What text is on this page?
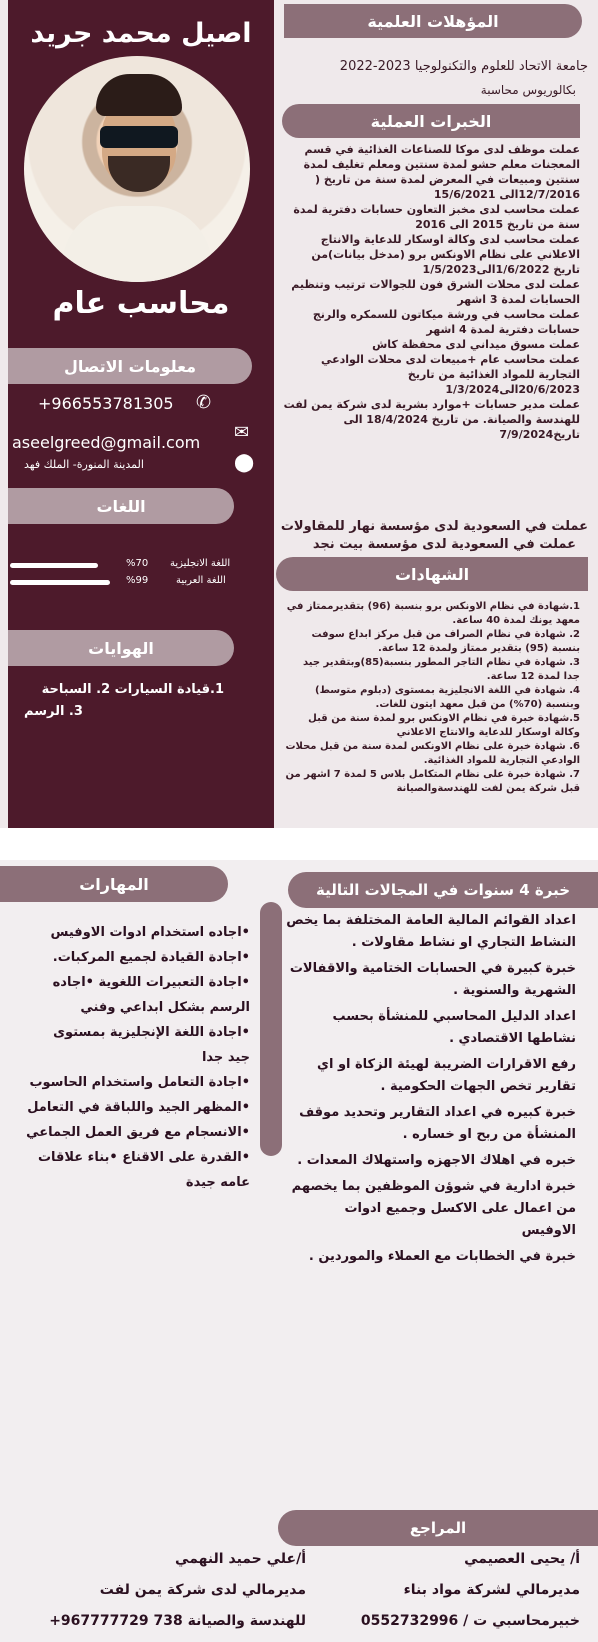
اصيل محمد جريد
محاسب عام
معلومات الاتصال
+966553781305 ✆
aseelgreed@gmail.com ✉
المدينة المنورة- الملك فهد	⬤
اللغات
%70 اللغة الانجليزية
%99	اللغة العربية
الهوايات
1.قيادة السيارات 2. السباحة
3. الرسم
المؤهلات العلمية
جامعة الاتحاد للعلوم والتكنولوجيا 2023-2022
بكالوريوس محاسبة
الخبرات العملية
عملت موظف لدى موكا للصناعات الغذائية في قسم المعجنات معلم حشو لمدة سنتين ومعلم تغليف لمدة سنتين ومبيعات في المعرض لمدة سنة من تاريخ ( 12/7/2016الى 15/6/2021
عملت محاسب لدى مخبز التعاون حسابات دفترية لمدة سنة من تاريخ 2015 الى 2016
عملت محاسب لدى وكالة اوسكار للدعاية والانتاج الاعلاني على نظام الاونكس برو (مدخل بيانات)من تاريخ 1/6/2022الى1/5/2023
عملت لدى محلات الشرق فون للجوالات ترتيب وتنظيم الحسابات لمدة 3 اشهر
عملت محاسب في ورشة ميكاتون للسمكره والرنج حسابات دفترية لمدة 4 اشهر
عملت مسوق ميداني لدى محفظة كاش
عملت محاسب عام +مبيعات لدى محلات الوادعي التجارية للمواد الغذائية من تاريخ 20/6/2023الى1/3/2024
عملت مدير حسابات +موارد بشرية لدى شركة يمن لفت للهندسة والصيانة. من تاريخ 18/4/2024 الى تاريخ7/9/2024
عملت في السعودية لدى مؤسسة نهار للمقاولات
عملت في السعودية لدى مؤسسة بيت نجد
الشهادات
1.شهادة في نظام الاونكس برو بنسبة (96) بتقديرممتاز في معهد يونك لمدة 40 ساعة.
2. شهادة في نظام الصراف من قبل مركز ابداع سوفت بنسبة (95) بتقدير ممتاز ولمدة 12 ساعة.
3. شهادة في نظام التاجر المطور بنسبة(85)وبتقدير جيد جدا لمدة 12 ساعة.
4. شهادة في اللغة الانجليزية بمستوى (دبلوم متوسط) وبنسبة (70%) من قبل معهد ايتون للغات.
5.شهادة خبرة في نظام الاونكس برو لمدة سنة من قبل وكالة اوسكار للدعاية والانتاج الاعلاني
6. شهادة خبرة على نظام الاونكس لمدة سنة من قبل محلات الوادعي التجارية للمواد الغذائية.
7. شهادة خبرة على نظام المتكامل بلاس 5 لمدة 7 اشهر من قبل شركة يمن لفت للهندسةوالصيانة
المهارات	خبرة 4 سنوات في المجالات التالية
•اجاده استخدام ادوات الاوفيس
•اجادة القيادة لجميع المركبات.
•اجادة التعبيرات اللغوية •اجاده
الرسم بشكل ابداعي وفني
•اجادة اللغة الإنجليزية بمستوى
جيد جدا
•اجادة التعامل واستخدام الحاسوب
•المظهر الجيد واللباقة في التعامل
•الانسجام مع فريق العمل الجماعي
•القدرة على الاقناع •بناء علاقات
عامه جيدة
اعداد القوائم المالية العامة المختلفة بما يخص النشاط التجاري او نشاط مقاولات .
خبرة كبيرة في الحسابات الختامية والاقفالات الشهرية والسنوية .
اعداد الدليل المحاسبي للمنشأة بحسب نشاطها الاقتصادي .
رفع الاقرارات الضريبة لهيئة الزكاة او اي تقارير تخص الجهات الحكومية .
خبرة كبيره في اعداد التقارير وتحديد موقف المنشأة من ربح او خساره .
خبره في اهلاك الاجهزه واستهلاك المعدات .
خبرة ادارية في شوؤن الموظفين بما يخصهم من اعمال على الاكسل وجميع ادوات الاوفيس
خبرة في الخطابات مع العملاء والموردين .
المراجع
أ/ يحيى العصيمي
مديرمالي لشركة مواد بناء
خبيرمحاسبي ت / 0552732996
أ/علي حميد النهمي
مديرمالي لدى شركة يمن لفت
للهندسة والصيانة 738 967777729+
